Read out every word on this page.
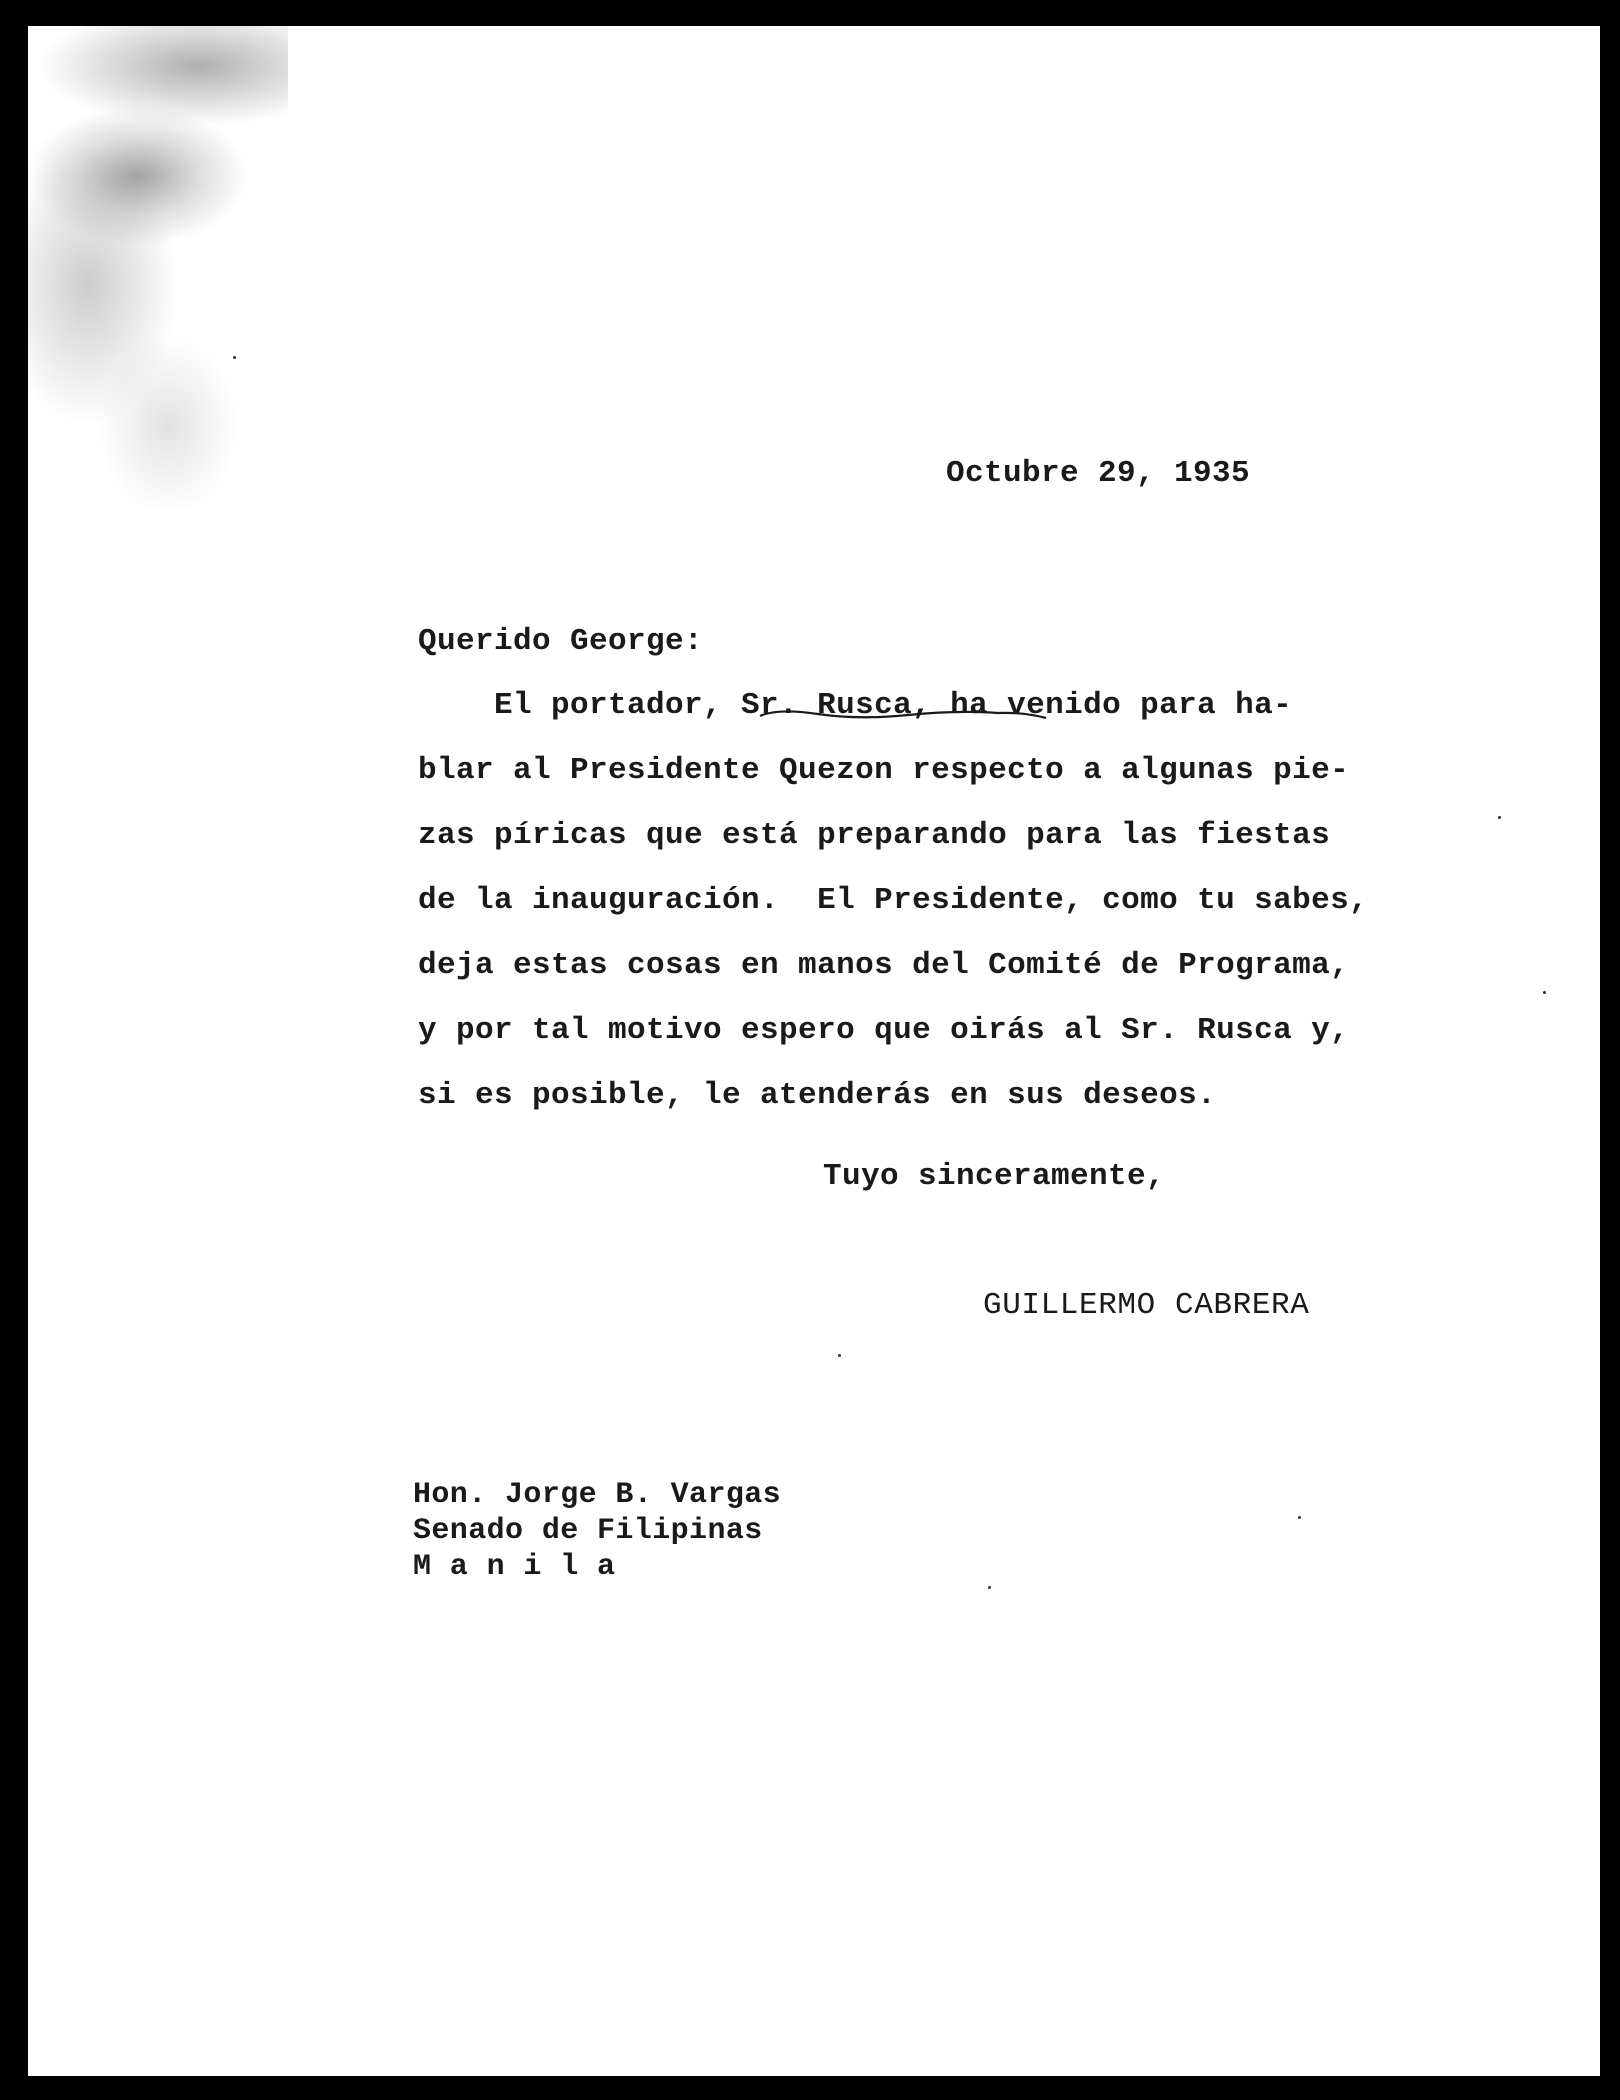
Octubre 29, 1935
Querido George:
El portador, Sr. Rusca, ha venido para ha-
blar al Presidente Quezon respecto a algunas pie-
zas píricas que está preparando para las fiestas
de la inauguración.  El Presidente, como tu sabes,
deja estas cosas en manos del Comité de Programa,
y por tal motivo espero que oirás al Sr. Rusca y,
si es posible, le atenderás en sus deseos.
Tuyo sinceramente,
GUILLERMO CABRERA
Hon. Jorge B. Vargas
Senado de Filipinas
M a n i l a
